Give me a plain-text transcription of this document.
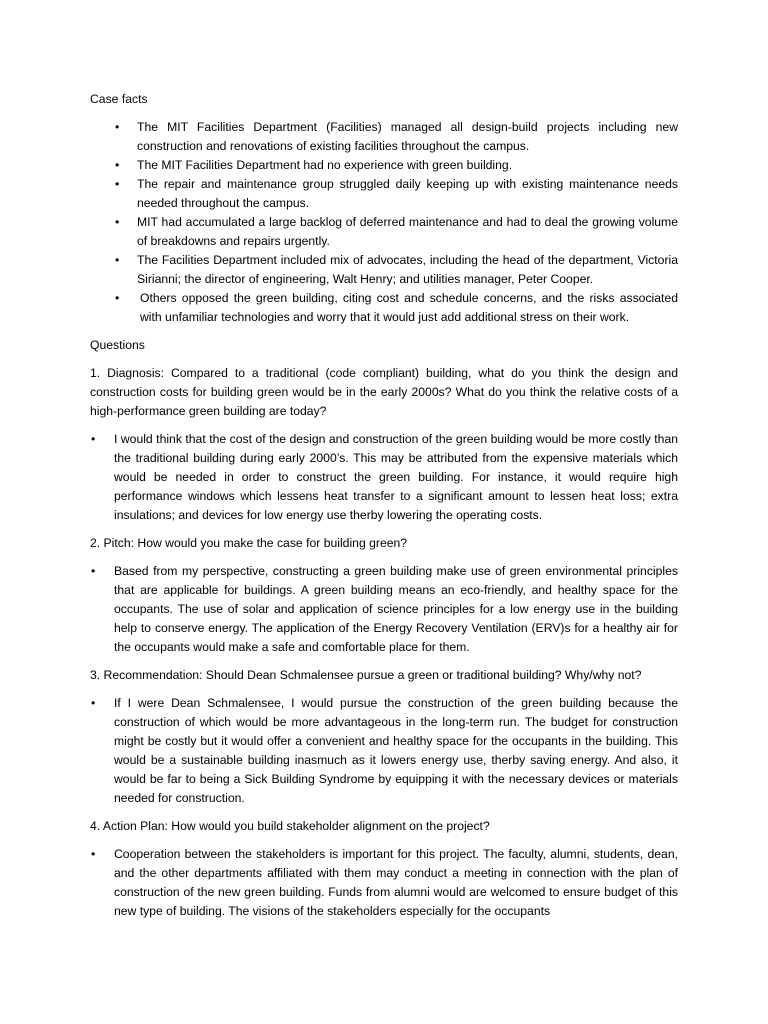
Case facts

• The MIT Facilities Department (Facilities) managed all design-build projects including new construction and renovations of existing facilities throughout the campus.
• The MIT Facilities Department had no experience with green building.
• The repair and maintenance group struggled daily keeping up with existing maintenance needs needed throughout the campus.
• MIT had accumulated a large backlog of deferred maintenance and had to deal the growing volume of breakdowns and repairs urgently.
• The Facilities Department included mix of advocates, including the head of the department, Victoria Sirianni; the director of engineering, Walt Henry; and utilities manager, Peter Cooper.
• Others opposed the green building, citing cost and schedule concerns, and the risks associated with unfamiliar technologies and worry that it would just add additional stress on their work.

Questions

1. Diagnosis: Compared to a traditional (code compliant) building, what do you think the design and construction costs for building green would be in the early 2000s? What do you think the relative costs of a high-performance green building are today?

• I would think that the cost of the design and construction of the green building would be more costly than the traditional building during early 2000’s. This may be attributed from the expensive materials which would be needed in order to construct the green building. For instance, it would require high performance windows which lessens heat transfer to a significant amount to lessen heat loss; extra insulations; and devices for low energy use therby lowering the operating costs.

2. Pitch: How would you make the case for building green?

• Based from my perspective, constructing a green building make use of green environmental principles that are applicable for buildings. A green building means an eco-friendly, and healthy space for the occupants. The use of solar and application of science principles for a low energy use in the building help to conserve energy. The application of the Energy Recovery Ventilation (ERV)s for a healthy air for the occupants would make a safe and comfortable place for them.

3. Recommendation: Should Dean Schmalensee pursue a green or traditional building? Why/why not?

• If I were Dean Schmalensee, I would pursue the construction of the green building because the construction of which would be more advantageous in the long-term run. The budget for construction might be costly but it would offer a convenient and healthy space for the occupants in the building. This would be a sustainable building inasmuch as it lowers energy use, therby saving energy. And also, it would be far to being a Sick Building Syndrome by equipping it with the necessary devices or materials needed for construction.

4. Action Plan: How would you build stakeholder alignment on the project?

• Cooperation between the stakeholders is important for this project. The faculty, alumni, students, dean, and the other departments affiliated with them may conduct a meeting in connection with the plan of construction of the new green building. Funds from alumni would are welcomed to ensure budget of this new type of building. The visions of the stakeholders especially for the occupants
